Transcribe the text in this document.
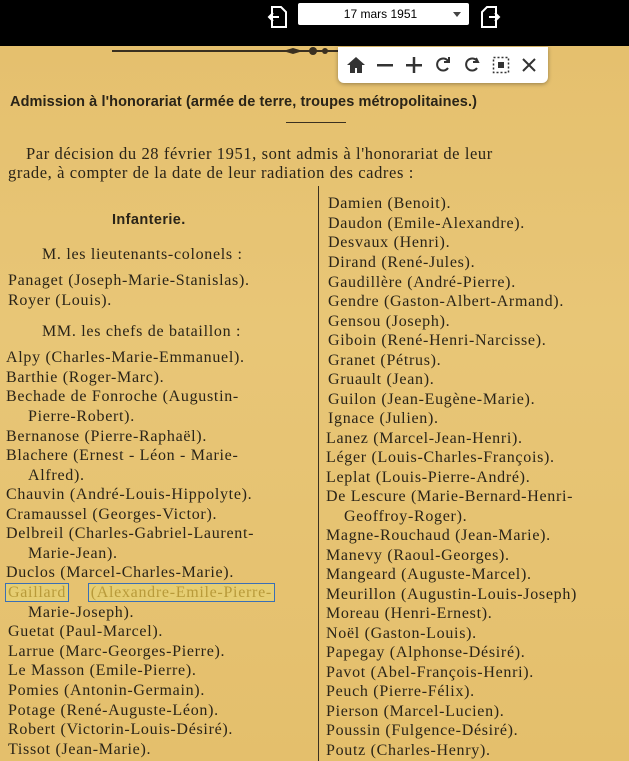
17 mars 1951
Admission à l'honorariat (armée de terre, troupes métropolitaines.)
Par décision du 28 février 1951, sont admis à l'honorariat de leur
grade, à compter de la date de leur radiation des cadres :
Infanterie.
M. les lieutenants-colonels :
Panaget (Joseph-Marie-Stanislas).
Royer (Louis).
MM. les chefs de bataillon :
Alpy (Charles-Marie-Emmanuel).
Barthie (Roger-Marc).
Bechade de Fonroche (Augustin-
Pierre-Robert).
Bernanose (Pierre-Raphaël).
Blachere (Ernest - Léon - Marie-
Alfred).
Chauvin (André-Louis-Hippolyte).
Cramaussel (Georges-Victor).
Delbreil (Charles-Gabriel-Laurent-
Marie-Jean).
Duclos (Marcel-Charles-Marie).
Gaillard (Alexandre-Emile-Pierre-
Marie-Joseph).
Guetat (Paul-Marcel).
Larrue (Marc-Georges-Pierre).
Le Masson (Emile-Pierre).
Pomies (Antonin-Germain).
Potage (René-Auguste-Léon).
Robert (Victorin-Louis-Désiré).
Tissot (Jean-Marie).
Damien (Benoit).
Daudon (Emile-Alexandre).
Desvaux (Henri).
Dirand (René-Jules).
Gaudillère (André-Pierre).
Gendre (Gaston-Albert-Armand).
Gensou (Joseph).
Giboin (René-Henri-Narcisse).
Granet (Pétrus).
Gruault (Jean).
Guilon (Jean-Eugène-Marie).
Ignace (Julien).
Lanez (Marcel-Jean-Henri).
Léger (Louis-Charles-François).
Leplat (Louis-Pierre-André).
De Lescure (Marie-Bernard-Henri-
Geoffroy-Roger).
Magne-Rouchaud (Jean-Marie).
Manevy (Raoul-Georges).
Mangeard (Auguste-Marcel).
Meurillon (Augustin-Louis-Joseph)
Moreau (Henri-Ernest).
Noël (Gaston-Louis).
Papegay (Alphonse-Désiré).
Pavot (Abel-François-Henri).
Peuch (Pierre-Félix).
Pierson (Marcel-Lucien).
Poussin (Fulgence-Désiré).
Poutz (Charles-Henry).
